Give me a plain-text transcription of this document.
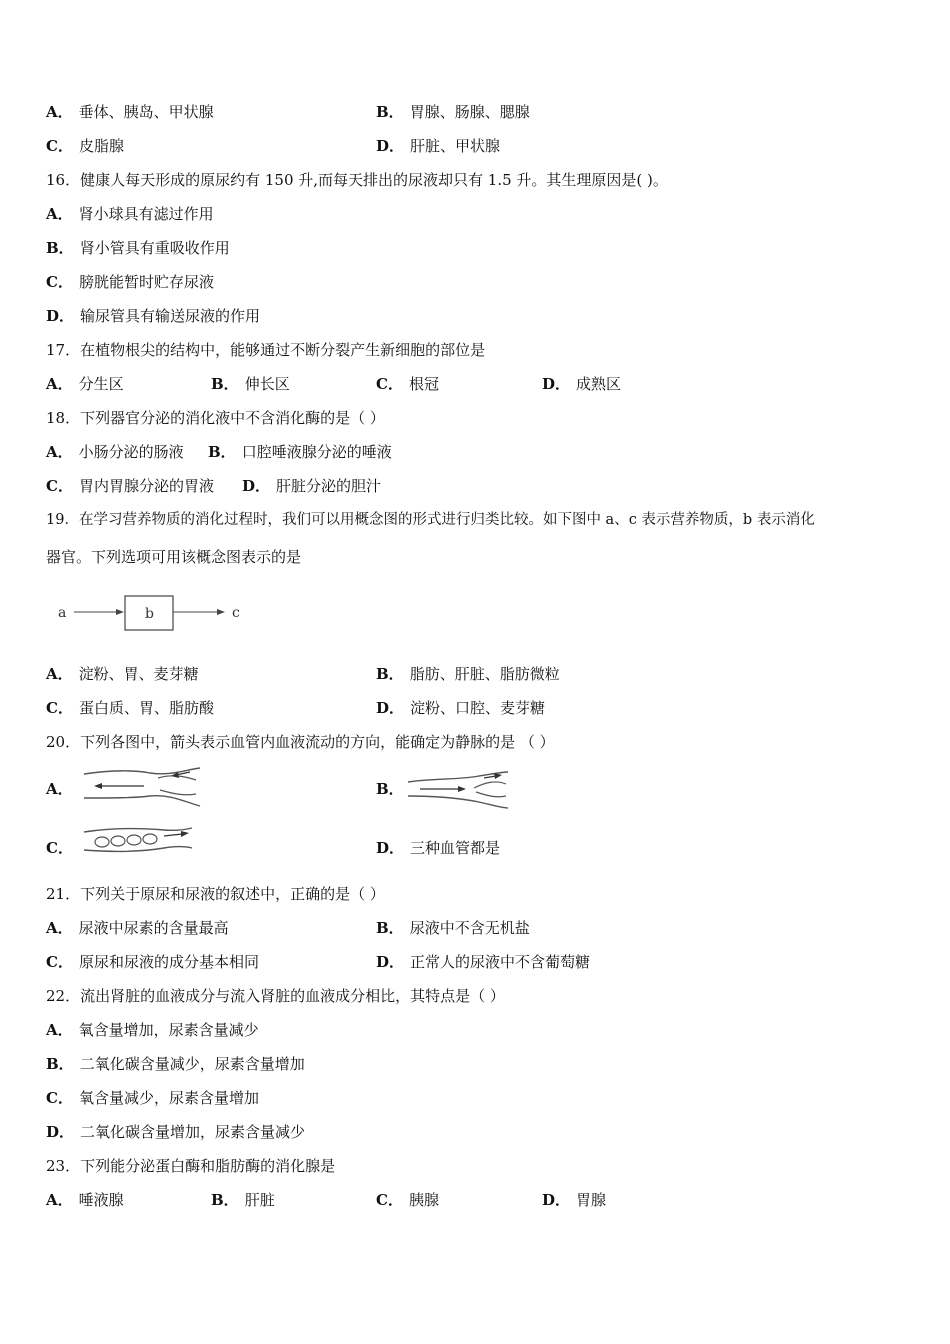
A． 垂体、胰岛、甲状腺	B． 胃腺、肠腺、腮腺
C． 皮脂腺	D． 肝脏、甲状腺
16．健康人每天形成的原尿约有 150 升,而每天排出的尿液却只有 1.5 升。其生理原因是( )。
A． 肾小球具有滤过作用
B． 肾小管具有重吸收作用
C． 膀胱能暂时贮存尿液
D． 输尿管具有输送尿液的作用
17．在植物根尖的结构中，能够通过不断分裂产生新细胞的部位是
A． 分生区	B． 伸长区	C． 根冠	D． 成熟区
18．下列器官分泌的消化液中不含消化酶的是（ ）
A． 小肠分泌的肠液 B． 口腔唾液腺分泌的唾液
C． 胃内胃腺分泌的胃液 D． 肝脏分泌的胆汁
19．在学习营养物质的消化过程时，我们可以用概念图的形式进行归类比较。如下图中 a、c 表示营养物质，b 表示消化
器官。下列选项可用该概念图表示的是
a	b	c
A． 淀粉、胃、麦芽糖	B． 脂肪、肝脏、脂肪微粒
C． 蛋白质、胃、脂肪酸	D． 淀粉、口腔、麦芽糖
20．下列各图中，箭头表示血管内血液流动的方向，能确定为静脉的是 （ ）
A．	B．
C．	D． 三种血管都是
21．下列关于原尿和尿液的叙述中，正确的是（ ）
A． 尿液中尿素的含量最高	B． 尿液中不含无机盐
C． 原尿和尿液的成分基本相同	D． 正常人的尿液中不含葡萄糖
22．流出肾脏的血液成分与流入肾脏的血液成分相比，其特点是（ ）
A． 氧含量增加，尿素含量减少
B． 二氧化碳含量减少，尿素含量增加
C． 氧含量减少，尿素含量增加
D． 二氧化碳含量增加，尿素含量减少
23．下列能分泌蛋白酶和脂肪酶的消化腺是
A． 唾液腺	B． 肝脏	C． 胰腺	D． 胃腺
